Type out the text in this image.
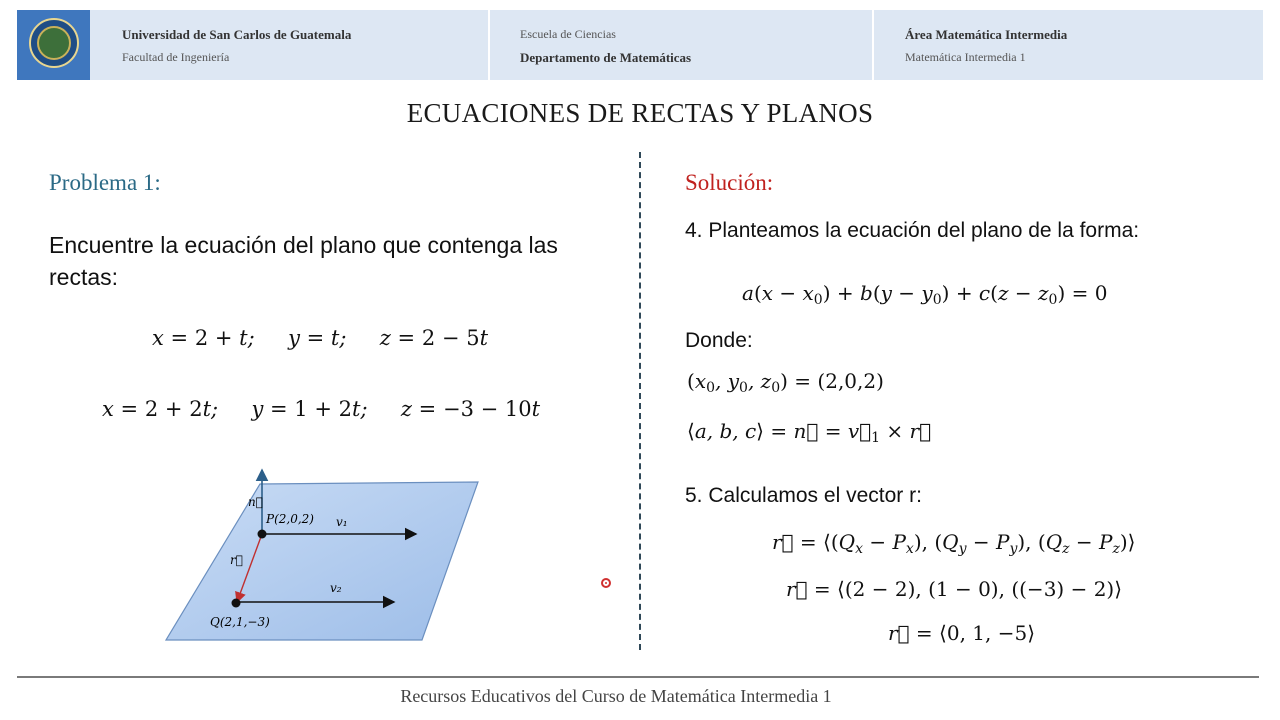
Universidad de San Carlos de Guatemala
Facultad de Ingeniería
Escuela de Ciencias
Departamento de Matemáticas
Área Matemática Intermedia
Matemática Intermedia 1
ECUACIONES DE RECTAS Y PLANOS
Problema 1:
Encuentre la ecuación del plano que contenga las rectas:
x = 2 + t;     y = t;     z = 2 − 5t
x = 2 + 2t;     y = 1 + 2t;     z = −3 − 10t
n⃗
P(2,0,2) v₁
r⃗
v₂
Q(2,1,−3)
Solución:
4. Planteamos la ecuación del plano de la forma:
$a(x - x_0) + b(y - y_0) + c(z - z_0) = 0$
Donde:
($x_0$, $y_0$, $z_0) = (2,0,2)$
⟨a, b, c⟩ = n⃗ = $v⃗_1$ × r⃗
5. Calculamos el vector r:
r⃗ = $⟨(Q_x - P_x)$, $(Q_y - P_y)$, ($Q_z$ − $P_z)⟩$
r⃗ = ⟨(2 − 2), (1 − 0), ((−3) − 2)⟩
r⃗ = ⟨0, 1, −5⟩
Recursos Educativos del Curso de Matemática Intermedia 1
